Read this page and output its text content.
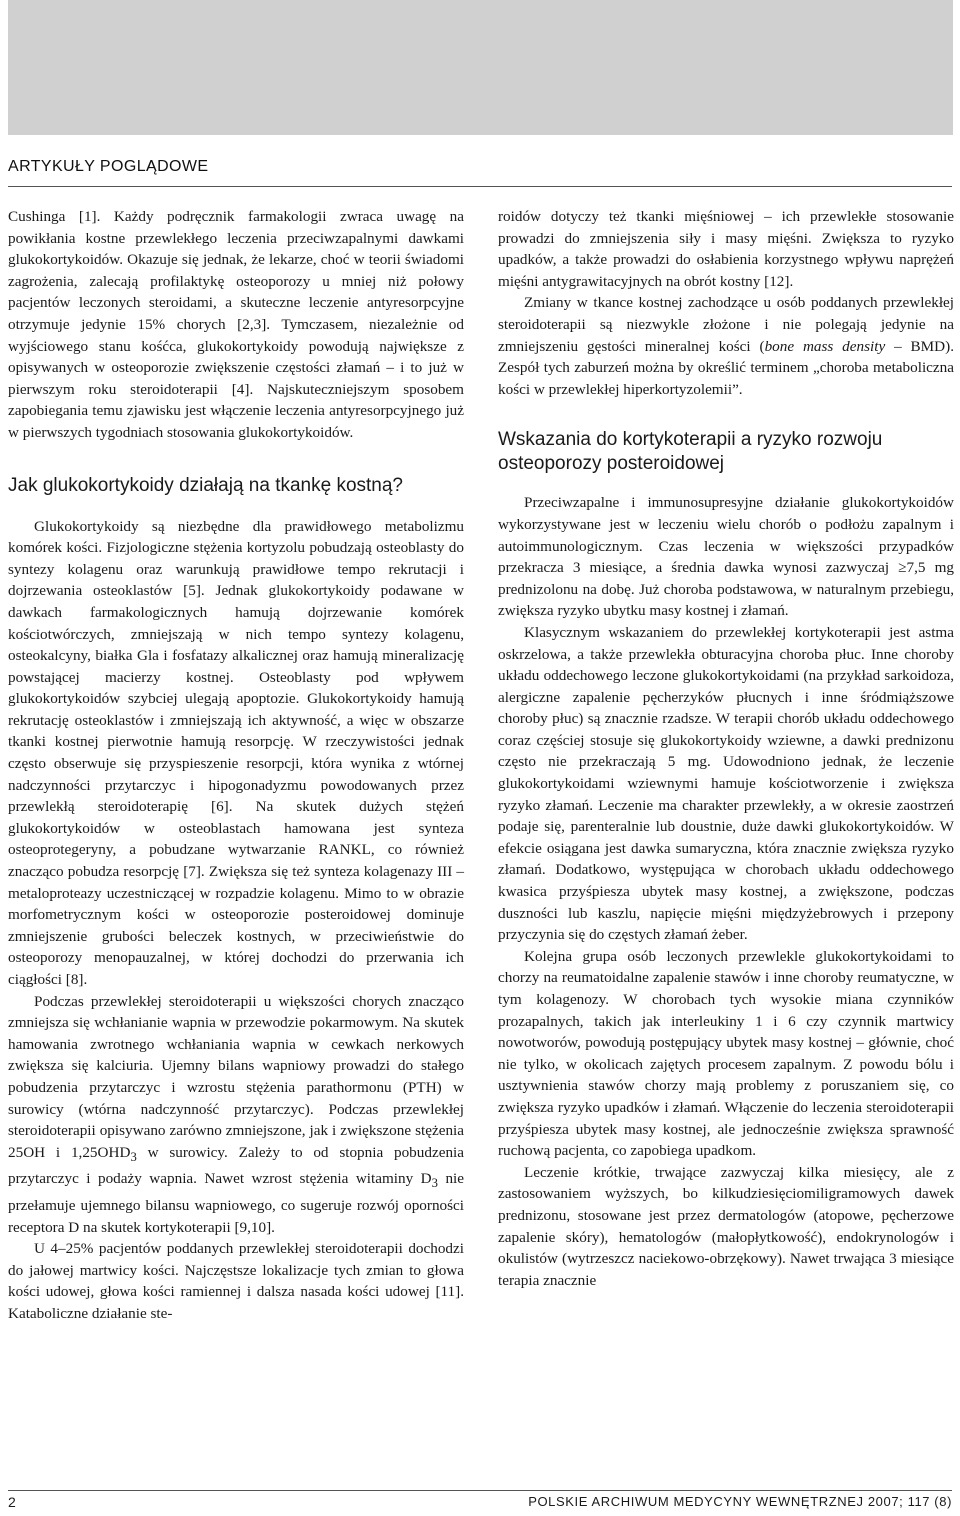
ARTYKUŁY POGLĄDOWE

Cushinga [1]. Każdy podręcznik farmakologii zwraca uwagę na powikłania kostne przewlekłego leczenia przeciwzapalnymi dawkami glukokortykoidów. Okazuje się jednak, że lekarze, choć w teorii świadomi zagrożenia, zalecają profilaktykę osteoporozy u mniej niż połowy pacjentów leczonych steroidami, a skuteczne leczenie antyresorpcyjne otrzymuje jedynie 15% chorych [2,3]. Tymczasem, niezależnie od wyjściowego stanu kośćca, glukokortykoidy powodują największe z opisywanych w osteoporozie zwiększenie częstości złamań – i to już w pierwszym roku steroidoterapii [4]. Najskuteczniejszym sposobem zapobiegania temu zjawisku jest włączenie leczenia antyresorpcyjnego już w pierwszych tygodniach stosowania glukokortykoidów.

Jak glukokortykoidy działają na tkankę kostną?

Glukokortykoidy są niezbędne dla prawidłowego metabolizmu komórek kości. Fizjologiczne stężenia kortyzolu pobudzają osteoblasty do syntezy kolagenu oraz warunkują prawidłowe tempo rekrutacji i dojrzewania osteoklastów [5]. Jednak glukokortykoidy podawane w dawkach farmakologicznych hamują dojrzewanie komórek kościotwórczych, zmniejszają w nich tempo syntezy kolagenu, osteokalcyny, białka Gla i fosfatazy alkalicznej oraz hamują mineralizację powstającej macierzy kostnej. Osteoblasty pod wpływem glukokortykoidów szybciej ulegają apoptozie. Glukokortykoidy hamują rekrutację osteoklastów i zmniejszają ich aktywność, a więc w obszarze tkanki kostnej pierwotnie hamują resorpcję. W rzeczywistości jednak często obserwuje się przyspieszenie resorpcji, która wynika z wtórnej nadczynności przytarczyc i hipogonadyzmu powodowanych przez przewlekłą steroidoterapię [6]. Na skutek dużych stężeń glukokortykoidów w osteoblastach hamowana jest synteza osteoprotegeryny, a pobudzane wytwarzanie RANKL, co również znacząco pobudza resorpcję [7]. Zwiększa się też synteza kolagenazy III – metaloproteazy uczestniczącej w rozpadzie kolagenu. Mimo to w obrazie morfometrycznym kości w osteoporozie posteroidowej dominuje zmniejszenie grubości beleczek kostnych, w przeciwieństwie do osteoporozy menopauzalnej, w której dochodzi do przerwania ich ciągłości [8].

Podczas przewlekłej steroidoterapii u większości chorych znacząco zmniejsza się wchłanianie wapnia w przewodzie pokarmowym. Na skutek hamowania zwrotnego wchłaniania wapnia w cewkach nerkowych zwiększa się kalciuria. Ujemny bilans wapniowy prowadzi do stałego pobudzenia przytarczyc i wzrostu stężenia parathormonu (PTH) w surowicy (wtórna nadczynność przytarczyc). Podczas przewlekłej steroidoterapii opisywano zarówno zmniejszone, jak i zwiększone stężenia 25OH i $1,25OHD_3$ w surowicy. Zależy to od stopnia pobudzenia przytarczyc i podaży wapnia. Nawet wzrost stężenia witaminy $D_3$ nie przełamuje ujemnego bilansu wapniowego, co sugeruje rozwój oporności receptora D na skutek kortykoterapii [9,10].

U 4–25% pacjentów poddanych przewlekłej steroidoterapii dochodzi do jałowej martwicy kości. Najczęstsze lokalizacje tych zmian to głowa kości udowej, głowa kości ramiennej i dalsza nasada kości udowej [11]. Kataboliczne działanie ste-

roidów dotyczy też tkanki mięśniowej – ich przewlekłe stosowanie prowadzi do zmniejszenia siły i masy mięśni. Zwiększa to ryzyko upadków, a także prowadzi do osłabienia korzystnego wpływu naprężeń mięśni antygrawitacyjnych na obrót kostny [12].

Zmiany w tkance kostnej zachodzące u osób poddanych przewlekłej steroidoterapii są niezwykle złożone i nie polegają jedynie na zmniejszeniu gęstości mineralnej kości (bone mass density – BMD). Zespół tych zaburzeń można by określić terminem „choroba metaboliczna kości w przewlekłej hiperkortyzolemii”.

Wskazania do kortykoterapii a ryzyko rozwoju osteoporozy posteroidowej

Przeciwzapalne i immunosupresyjne działanie glukokortykoidów wykorzystywane jest w leczeniu wielu chorób o podłożu zapalnym i autoimmunologicznym. Czas leczenia w większości przypadków przekracza 3 miesiące, a średnia dawka wynosi zazwyczaj ≥7,5 mg prednizolonu na dobę. Już choroba podstawowa, w naturalnym przebiegu, zwiększa ryzyko ubytku masy kostnej i złamań.

Klasycznym wskazaniem do przewlekłej kortykoterapii jest astma oskrzelowa, a także przewlekła obturacyjna choroba płuc. Inne choroby układu oddechowego leczone glukokortykoidami (na przykład sarkoidoza, alergiczne zapalenie pęcherzyków płucnych i inne śródmiąższowe choroby płuc) są znacznie rzadsze. W terapii chorób układu oddechowego coraz częściej stosuje się glukokortykoidy wziewne, a dawki prednizonu często nie przekraczają 5 mg. Udowodniono jednak, że leczenie glukokortykoidami wziewnymi hamuje kościotworzenie i zwiększa ryzyko złamań. Leczenie ma charakter przewlekły, a w okresie zaostrzeń podaje się, parenteralnie lub doustnie, duże dawki glukokortykoidów. W efekcie osiągana jest dawka sumaryczna, która znacznie zwiększa ryzyko złamań. Dodatkowo, występująca w chorobach układu oddechowego kwasica przyśpiesza ubytek masy kostnej, a zwiększone, podczas duszności lub kaszlu, napięcie mięśni międzyżebrowych i przepony przyczynia się do częstych złamań żeber.

Kolejna grupa osób leczonych przewlekle glukokortykoidami to chorzy na reumatoidalne zapalenie stawów i inne choroby reumatyczne, w tym kolagenozy. W chorobach tych wysokie miana czynników prozapalnych, takich jak interleukiny 1 i 6 czy czynnik martwicy nowotworów, powodują postępujący ubytek masy kostnej – głównie, choć nie tylko, w okolicach zajętych procesem zapalnym. Z powodu bólu i usztywnienia stawów chorzy mają problemy z poruszaniem się, co zwiększa ryzyko upadków i złamań. Włączenie do leczenia steroidoterapii przyśpiesza ubytek masy kostnej, ale jednocześnie zwiększa sprawność ruchową pacjenta, co zapobiega upadkom.

Leczenie krótkie, trwające zazwyczaj kilka miesięcy, ale z zastosowaniem wyższych, bo kilkudziesięciomiligramowych dawek prednizonu, stosowane jest przez dermatologów (atopowe, pęcherzowe zapalenie skóry), hematologów (małopłytkowość), endokrynologów i okulistów (wytrzeszcz naciekowo-obrzękowy). Nawet trwająca 3 miesiące terapia znacznie

2	POLSKIE ARCHIWUM MEDYCYNY WEWNĘTRZNEJ 2007; 117 (8)
